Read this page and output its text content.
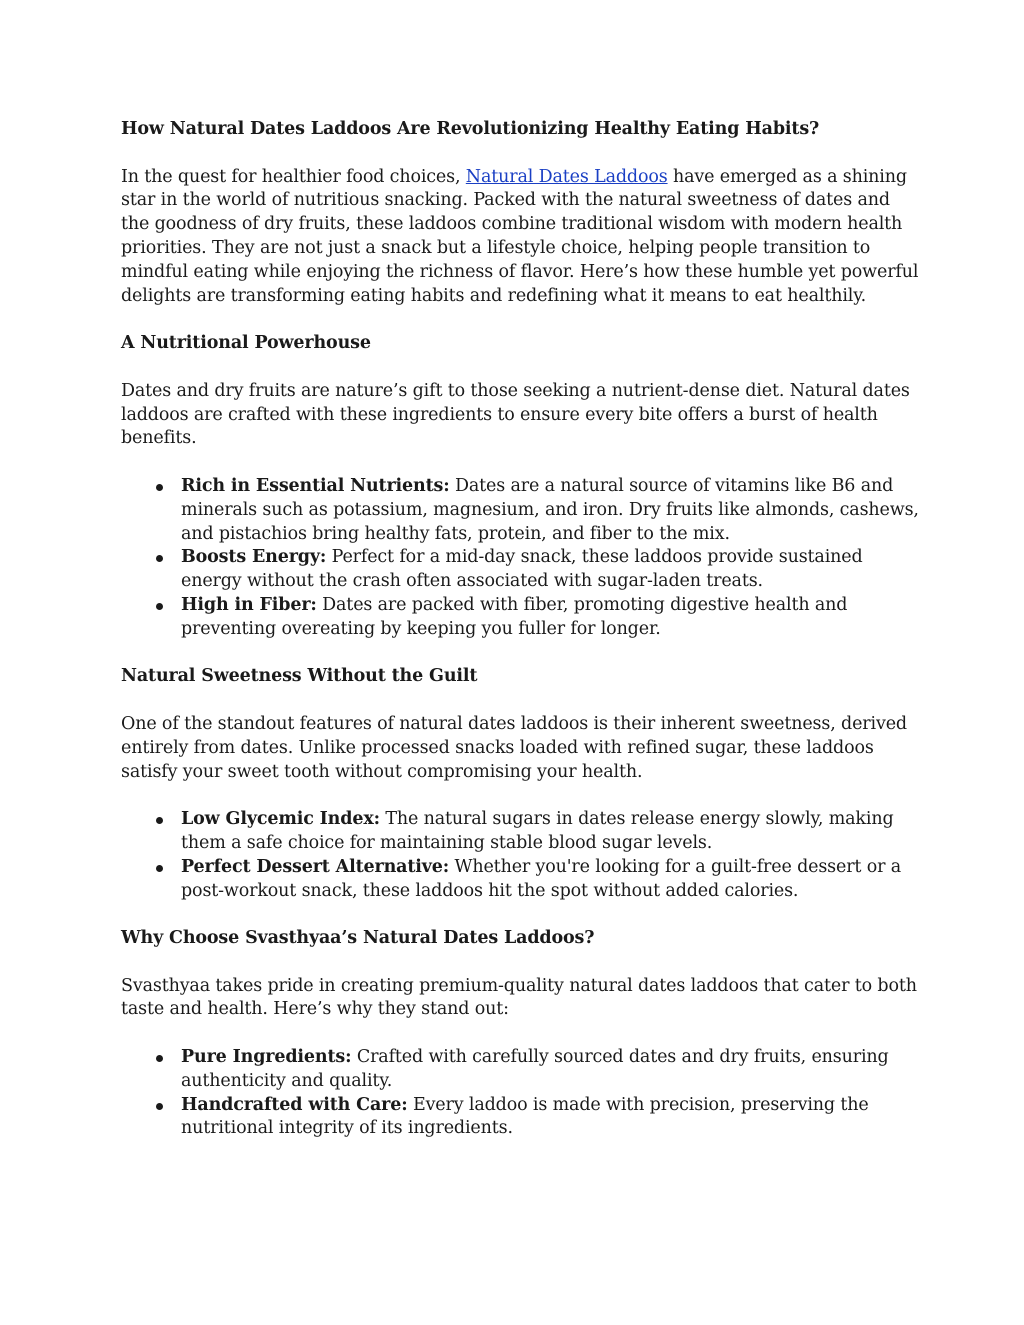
How Natural Dates Laddoos Are Revolutionizing Healthy Eating Habits?

In the quest for healthier food choices, Natural Dates Laddoos have emerged as a shining star in the world of nutritious snacking. Packed with the natural sweetness of dates and the goodness of dry fruits, these laddoos combine traditional wisdom with modern health priorities. They are not just a snack but a lifestyle choice, helping people transition to mindful eating while enjoying the richness of flavor. Here’s how these humble yet powerful delights are transforming eating habits and redefining what it means to eat healthily.

A Nutritional Powerhouse

Dates and dry fruits are nature’s gift to those seeking a nutrient-dense diet. Natural dates laddoos are crafted with these ingredients to ensure every bite offers a burst of health benefits.

Rich in Essential Nutrients: Dates are a natural source of vitamins like B6 and minerals such as potassium, magnesium, and iron. Dry fruits like almonds, cashews, and pistachios bring healthy fats, protein, and fiber to the mix.
Boosts Energy: Perfect for a mid-day snack, these laddoos provide sustained energy without the crash often associated with sugar-laden treats.
High in Fiber: Dates are packed with fiber, promoting digestive health and preventing overeating by keeping you fuller for longer.

Natural Sweetness Without the Guilt

One of the standout features of natural dates laddoos is their inherent sweetness, derived entirely from dates. Unlike processed snacks loaded with refined sugar, these laddoos satisfy your sweet tooth without compromising your health.

Low Glycemic Index: The natural sugars in dates release energy slowly, making them a safe choice for maintaining stable blood sugar levels.
Perfect Dessert Alternative: Whether you're looking for a guilt-free dessert or a post-workout snack, these laddoos hit the spot without added calories.

Why Choose Svasthyaa’s Natural Dates Laddoos?

Svasthyaa takes pride in creating premium-quality natural dates laddoos that cater to both taste and health. Here’s why they stand out:

Pure Ingredients: Crafted with carefully sourced dates and dry fruits, ensuring authenticity and quality.
Handcrafted with Care: Every laddoo is made with precision, preserving the nutritional integrity of its ingredients.
